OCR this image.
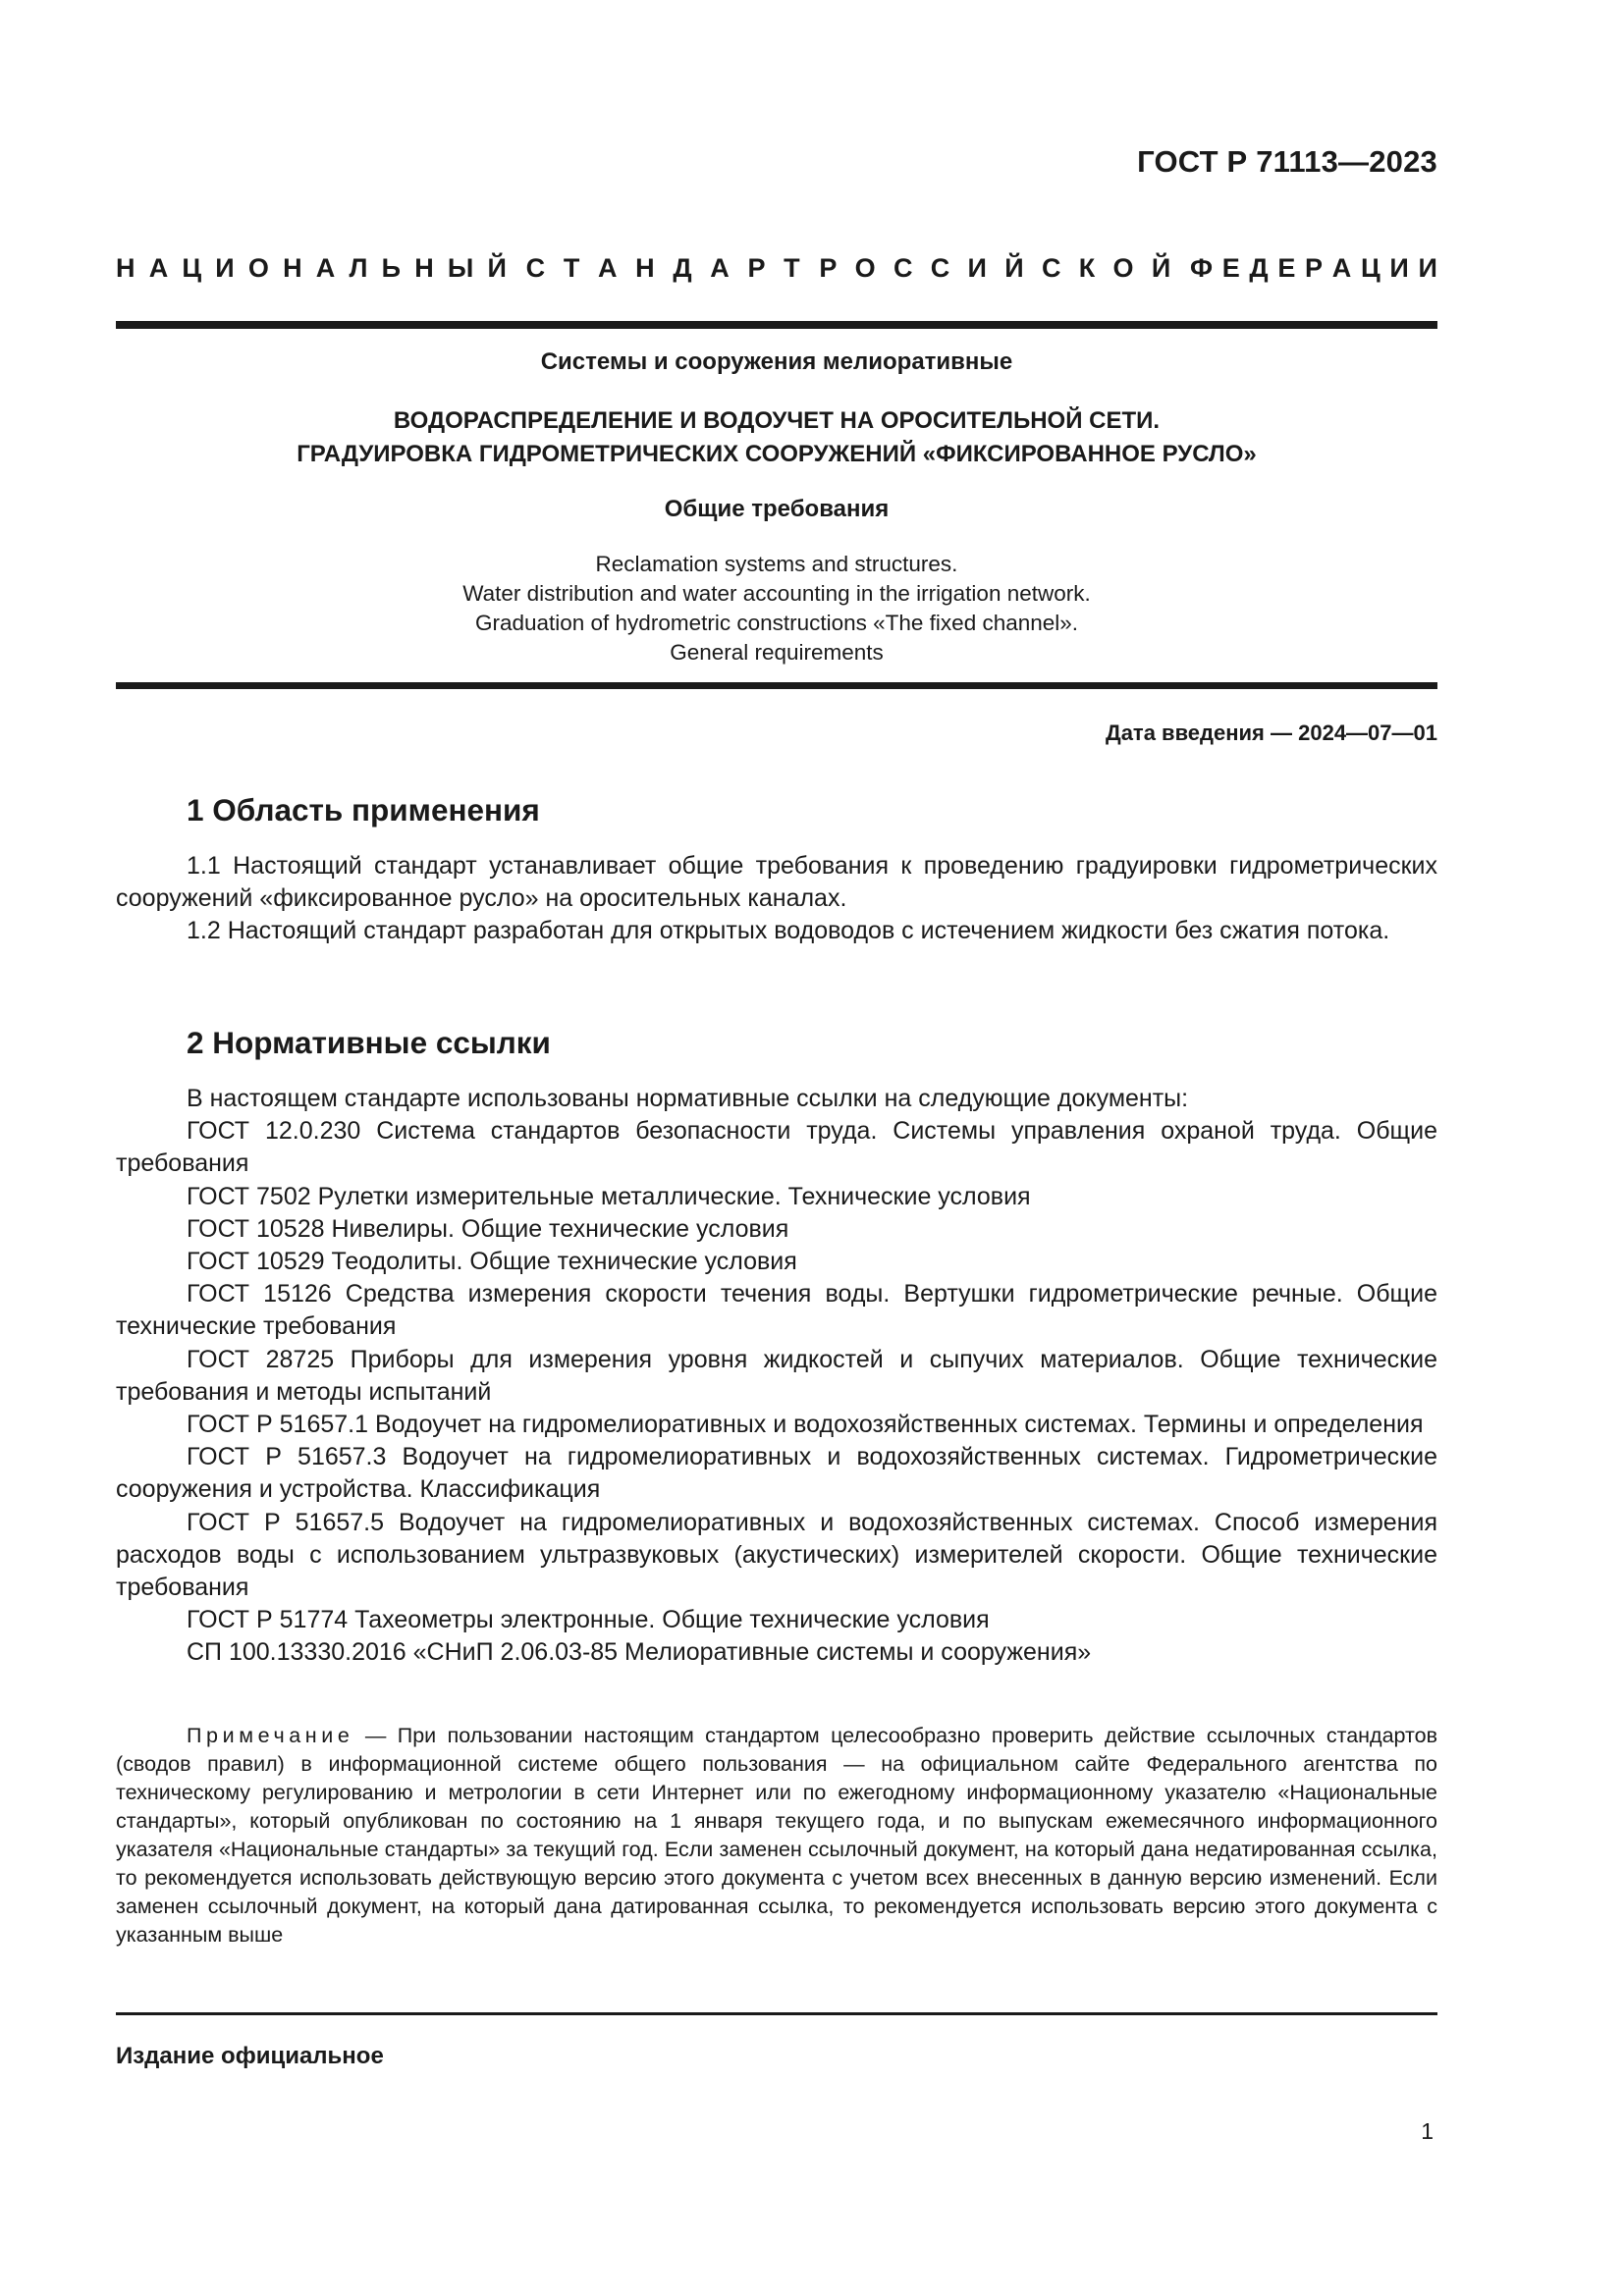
ГОСТ Р 71113—2023
Н А Ц И О Н А Л Ь Н Ы Й С Т А Н Д А Р Т Р О С С И Й С К О Й Ф Е Д Е Р А Ц И И
Системы и сооружения мелиоративные
ВОДОРАСПРЕДЕЛЕНИЕ И ВОДОУЧЕТ НА ОРОСИТЕЛЬНОЙ СЕТИ.
ГРАДУИРОВКА ГИДРОМЕТРИЧЕСКИХ СООРУЖЕНИЙ «ФИКСИРОВАННОЕ РУСЛО»
Общие требования
Reclamation systems and structures.
Water distribution and water accounting in the irrigation network.
Graduation of hydrometric constructions «The fixed channel».
General requirements
Дата введения — 2024—07—01
1 Область применения

1.1 Настоящий стандарт устанавливает общие требования к проведению градуировки гидрометрических сооружений «фиксированное русло» на оросительных каналах.

1.2 Настоящий стандарт разработан для открытых водоводов с истечением жидкости без сжатия потока.

2 Нормативные ссылки

В настоящем стандарте использованы нормативные ссылки на следующие документы:

ГОСТ 12.0.230 Система стандартов безопасности труда. Системы управления охраной труда. Общие требования

ГОСТ 7502 Рулетки измерительные металлические. Технические условия

ГОСТ 10528 Нивелиры. Общие технические условия

ГОСТ 10529 Теодолиты. Общие технические условия

ГОСТ 15126 Средства измерения скорости течения воды. Вертушки гидрометрические речные. Общие технические требования

ГОСТ 28725 Приборы для измерения уровня жидкостей и сыпучих материалов. Общие технические требования и методы испытаний

ГОСТ Р 51657.1 Водоучет на гидромелиоративных и водохозяйственных системах. Термины и определения

ГОСТ Р 51657.3 Водоучет на гидромелиоративных и водохозяйственных системах. Гидрометрические сооружения и устройства. Классификация

ГОСТ Р 51657.5 Водоучет на гидромелиоративных и водохозяйственных системах. Способ измерения расходов воды с использованием ультразвуковых (акустических) измерителей скорости. Общие технические требования

ГОСТ Р 51774 Тахеометры электронные. Общие технические условия

СП 100.13330.2016 «СНиП 2.06.03-85 Мелиоративные системы и сооружения»

Примечание — При пользовании настоящим стандартом целесообразно проверить действие ссылочных стандартов (сводов правил) в информационной системе общего пользования — на официальном сайте Федерального агентства по техническому регулированию и метрологии в сети Интернет или по ежегодному информационному указателю «Национальные стандарты», который опубликован по состоянию на 1 января текущего года, и по выпускам ежемесячного информационного указателя «Национальные стандарты» за текущий год. Если заменен ссылочный документ, на который дана недатированная ссылка, то рекомендуется использовать действующую версию этого документа с учетом всех внесенных в данную версию изменений. Если заменен ссылочный документ, на который дана датированная ссылка, то рекомендуется использовать версию этого документа с указанным выше
Издание официальное
1
